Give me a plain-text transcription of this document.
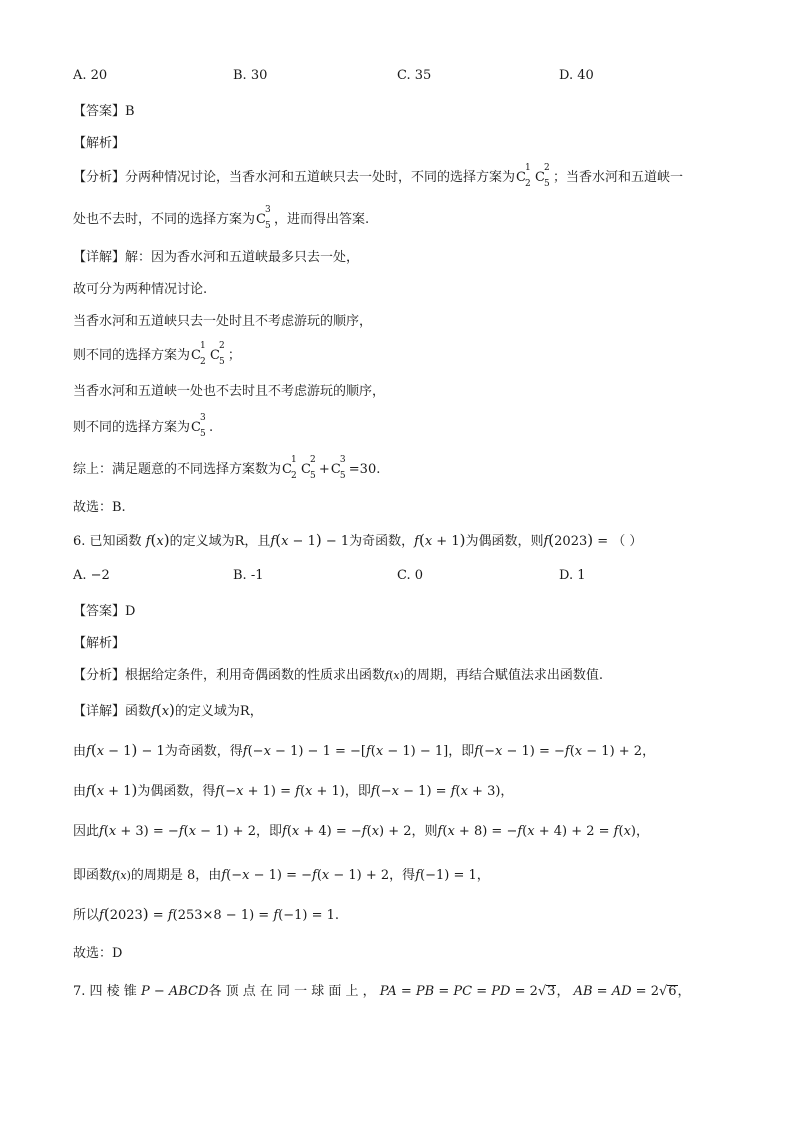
A. 20	B. 30	C. 35	D. 40
【答案】B
【解析】
【分析】分两种情况讨论，当香水河和五道峡只去一处时，不同的选择方案为C
1
2 C
2
5 ；当香水河和五道峡一
处也不去时，不同的选择方案为C
3
5 ，进而得出答案.
【详解】解：因为香水河和五道峡最多只去一处，
故可分为两种情况讨论.
当香水河和五道峡只去一处时且不考虑游玩的顺序，
则不同的选择方案为C
1
2 C
2
5 ；
当香水河和五道峡一处也不去时且不考虑游玩的顺序，
则不同的选择方案为C
3
5 .
综上：满足题意的不同选择方案数为C
1
2 C
2
5 +C
3
5 =30.
故选：B.
6. 已知函数 f(x)的定义域为R，且f(x − 1) − 1为奇函数，f(x + 1)为偶函数，则f(2023) = （ ）
A. −2	B. -1	C. 0	D. 1
【答案】D
【解析】
【分析】根据给定条件，利用奇偶函数的性质求出函数f(x)的周期，再结合赋值法求出函数值.
【详解】函数f(x)的定义域为R，
由f(x − 1) − 1为奇函数，得f(−x − 1) − 1 = −[f(x − 1) − 1]，即f(−x − 1) = −f(x − 1) + 2，
由f(x + 1)为偶函数，得f(−x + 1) = f(x + 1)，即f(−x − 1) = f(x + 3)，
因此f(x + 3) = −f(x − 1) + 2，即f(x + 4) = −f(x) + 2，则f(x + 8) = −f(x + 4) + 2 = f(x)，
即函数f(x)的周期是 8，由f(−x − 1) = −f(x − 1) + 2，得f(−1) = 1，
所以f(2023) = f(253×8 − 1) = f(−1) = 1.
故选：D
7. 四 棱 锥 P − ABCD各 顶 点 在 同 一 球 面 上 ， PA = PB = PC = PD = 2√3， AB = AD = 2√6，
